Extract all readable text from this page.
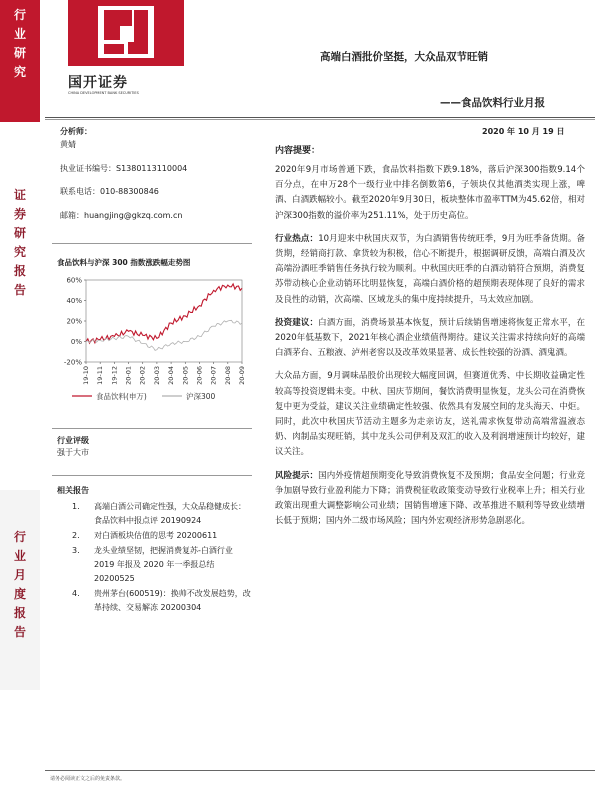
行
业
研
究
证
券
研
究
报
告
行
业
月
度
报
告
国开证券
CHINA DEVELOPMENT BANK SECURITIES
高端白酒批价坚挺，大众品双节旺销
——食品饮料行业月报
分析师：
黄婧
执业证书编号：S1380113110004
联系电话：010-88300846
邮箱：huangjing@gkzq.com.cn
食品饮料与沪深 300 指数涨跌幅走势图
60%
40%
20%
0%
-20%
19-10 19-11 19-12 20-01 20-02 20-03 20-04 20-05 20-06 20-07 20-08 20-09
食品饮料(申万)	沪深300
行业评级
强于大市
相关报告
1. 高端白酒公司确定性强，大众品稳健成长：食品饮料中报点评 20190924
2. 对白酒板块估值的思考 20200611
3. 龙头业绩坚韧，把握消费复苏-白酒行业 2019 年报及 2020 年一季报总结 20200525
4. 贵州茅台(600519)：换帅不改发展趋势，改革持续、交易解冻 20200304
2020 年 10 月 19 日
内容提要：

2020年9月市场普通下跌，食品饮料指数下跌9.18%，落后沪深300指数9.14个百分点，在申万28个一级行业中排名倒数第6，子领块仅其他酒类实现上涨，啤酒、白酒跌幅较小。截至2020年9月30日，板块整体市盈率TTM为45.62倍，相对沪深300指数的溢价率为251.11%，处于历史高位。

行业热点：10月迎来中秋国庆双节，为白酒销售传统旺季，9月为旺季备货期。备货期，经销商打款、拿货较为积极，信心不断提升，根据调研反馈，高端白酒及次高端汾酒旺季销售任务执行较为顺利。中秋国庆旺季的白酒动销符合预期，消费复苏带动核心企业动销环比明显恢复，高端白酒价格的超预期表现体现了良好的需求及良性的动销，次高端、区域龙头的集中度持续提升，马太效应加剧。

投资建议：白酒方面，消费场景基本恢复，预计后续销售增速将恢复正常水平，在2020年低基数下，2021年核心酒企业绩值得期待。建议关注需求持续向好的高端白酒茅台、五粮液、泸州老窖以及改革效果显著、成长性较强的汾酒、酒鬼酒。

大众品方面，9月调味品股价出现较大幅度回调，但赛道优秀、中长期收益确定性较高等投资逻辑未变。中秋、国庆节期间，餐饮消费明显恢复，龙头公司在消费恢复中更为受益，建议关注业绩确定性较强、依然具有发展空间的龙头海天、中炬。同时，此次中秋国庆节活动主题多为走亲访友，送礼需求恢复带动高端常温液态奶、肉制品实现旺销，其中龙头公司伊利及双汇的收入及利润增速预计均较好，建议关注。

风险提示：国内外疫情超预期变化导致消费恢复不及预期；食品安全问题；行业竞争加剧导致行业盈利能力下降；消费税征收政策变动导致行业税率上升；相关行业政策出现重大调整影响公司业绩；国销售增速下降、改革推进不顺利等导致业绩增长低于预期；国内外二级市场风险；国内外宏观经济形势急剧恶化。

请务必阅读正文之后的免责条款。
